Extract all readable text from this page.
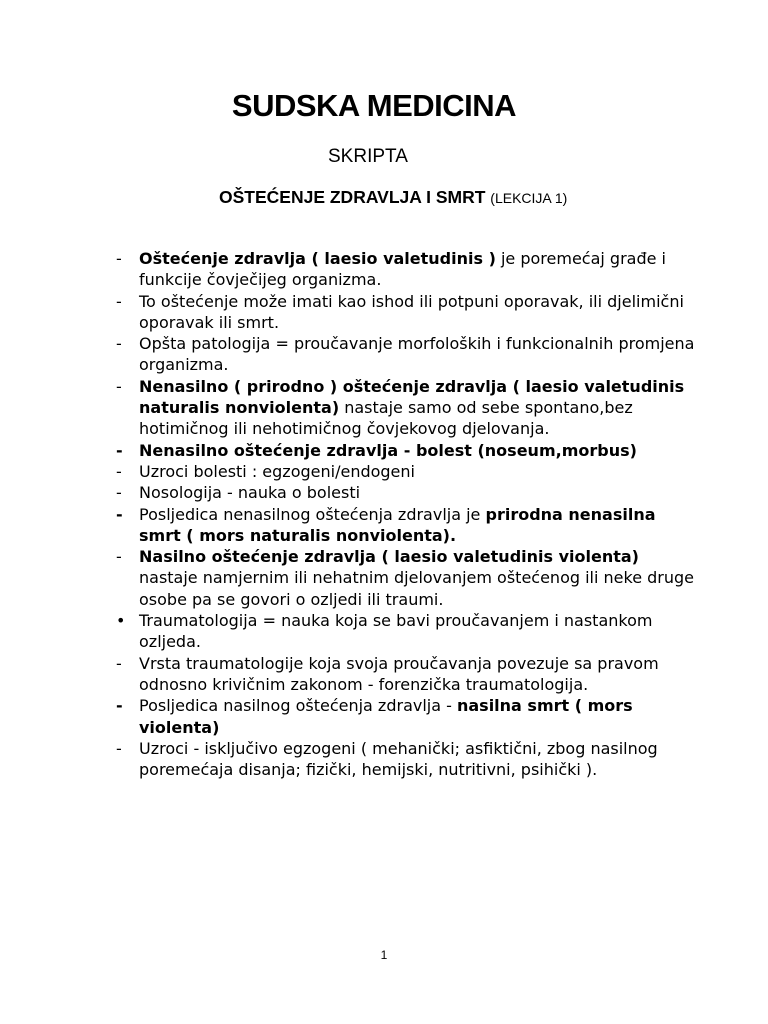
SUDSKA MEDICINA

SKRIPTA

OŠTEĆENJE ZDRAVLJA I SMRT (LEKCIJA 1)

-	Oštećenje zdravlja ( laesio valetudinis ) je poremećaj građe i funkcije čovječijeg organizma.
-	To oštećenje može imati kao ishod ili potpuni oporavak, ili djelimični oporavak ili smrt.
-	Opšta patologija = proučavanje morfoloških i funkcionalnih promjena organizma.
-	Nenasilno ( prirodno ) oštećenje zdravlja ( laesio valetudinis naturalis nonviolenta) nastaje samo od sebe spontano,bez hotimičnog ili nehotimičnog čovjekovog djelovanja.
-	Nenasilno oštećenje zdravlja - bolest (noseum,morbus)
-	Uzroci bolesti : egzogeni/endogeni
-	Nosologija - nauka o bolesti
-	Posljedica nenasilnog oštećenja zdravlja je prirodna nenasilna smrt ( mors naturalis nonviolenta).
-	Nasilno oštećenje zdravlja ( laesio valetudinis violenta) nastaje namjernim ili nehatnim djelovanjem oštećenog ili neke druge osobe pa se govori o ozljedi ili traumi.
• Traumatologija = nauka koja se bavi proučavanjem i nastankom ozljeda.
-	Vrsta traumatologije koja svoja proučavanja povezuje sa pravom odnosno krivičnim zakonom - forenzička traumatologija.
-	Posljedica nasilnog oštećenja zdravlja - nasilna smrt ( mors violenta)
-	Uzroci - isključivo egzogeni ( mehanički; asfiktični, zbog nasilnog poremećaja disanja; fizički, hemijski, nutritivni, psihički ).

1
